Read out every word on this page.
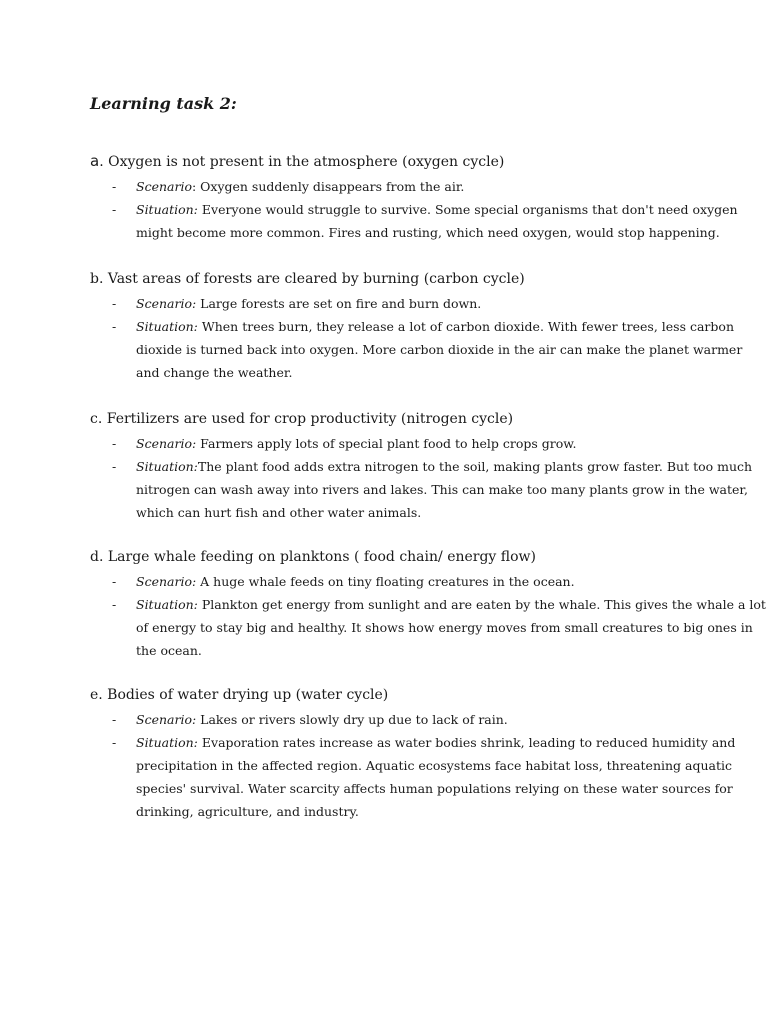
Learning task 2:

a. Oxygen is not present in the atmosphere (oxygen cycle)

- Scenario: Oxygen suddenly disappears from the air.
- Situation: Everyone would struggle to survive. Some special organisms that don't need oxygen
might become more common. Fires and rusting, which need oxygen, would stop happening.

b. Vast areas of forests are cleared by burning (carbon cycle)

- Scenario: Large forests are set on fire and burn down.
- Situation: When trees burn, they release a lot of carbon dioxide. With fewer trees, less carbon
dioxide is turned back into oxygen. More carbon dioxide in the air can make the planet warmer
and change the weather.

c. Fertilizers are used for crop productivity (nitrogen cycle)

- Scenario: Farmers apply lots of special plant food to help crops grow.
- Situation:The plant food adds extra nitrogen to the soil, making plants grow faster. But too much
nitrogen can wash away into rivers and lakes. This can make too many plants grow in the water,
which can hurt fish and other water animals.

d. Large whale feeding on planktons ( food chain/ energy flow)

- Scenario: A huge whale feeds on tiny floating creatures in the ocean.
- Situation: Plankton get energy from sunlight and are eaten by the whale. This gives the whale a lot
of energy to stay big and healthy. It shows how energy moves from small creatures to big ones in
the ocean.

e. Bodies of water drying up (water cycle)

- Scenario: Lakes or rivers slowly dry up due to lack of rain.
- Situation: Evaporation rates increase as water bodies shrink, leading to reduced humidity and
precipitation in the affected region. Aquatic ecosystems face habitat loss, threatening aquatic
species' survival. Water scarcity affects human populations relying on these water sources for
drinking, agriculture, and industry.
